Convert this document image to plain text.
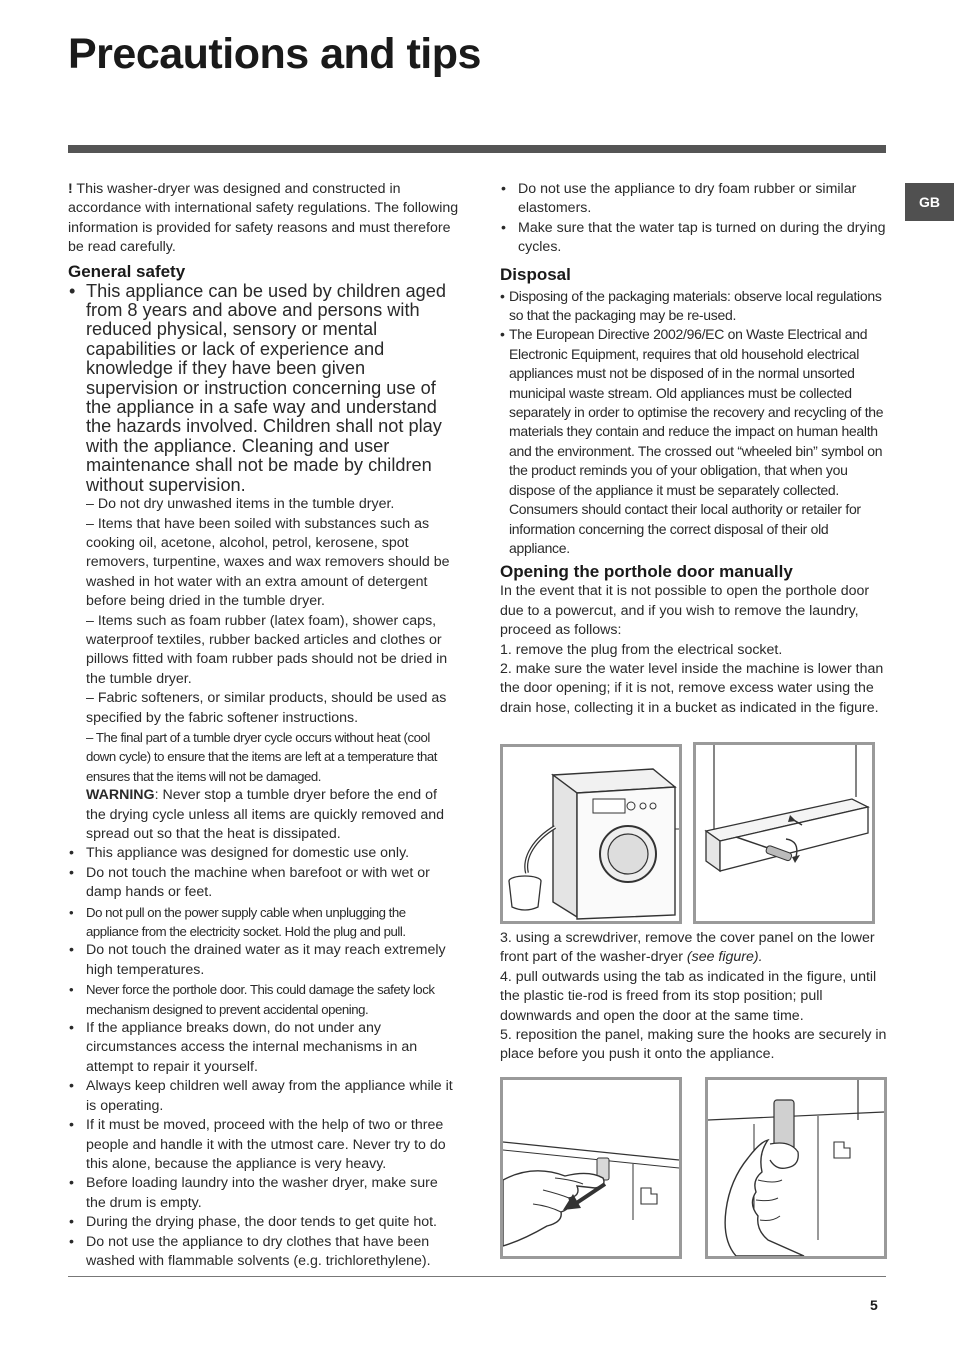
Precautions and tips
GB

! This washer-dryer was designed and constructed in accordance with international safety regulations. The following information is provided for safety reasons and must therefore be read carefully.

General safety
• This appliance can be used by children aged from 8 years and above and persons with reduced physical, sensory or mental capabilities or lack of experience and knowledge if they have been given supervision or instruction concerning use of the appliance in a safe way and understand the hazards involved. Children shall not play with the appliance. Cleaning and user maintenance shall not be made by children without supervision.

– Do not dry unwashed items in the tumble dryer.

– Items that have been soiled with substances such as cooking oil, acetone, alcohol, petrol, kerosene, spot removers, turpentine, waxes and wax removers should be washed in hot water with an extra amount of detergent before being dried in the tumble dryer.

– Items such as foam rubber (latex foam), shower caps, waterproof textiles, rubber backed articles and clothes or pillows fitted with foam rubber pads should not be dried in the tumble dryer.

– Fabric softeners, or similar products, should be used as specified by the fabric softener instructions.

– The final part of a tumble dryer cycle occurs without heat (cool down cycle) to ensure that the items are left at a temperature that ensures that the items will not be damaged.

WARNING: Never stop a tumble dryer before the end of the drying cycle unless all items are quickly removed and spread out so that the heat is dissipated.

• This appliance was designed for domestic use only.
• Do not touch the machine when barefoot or with wet or damp hands or feet.
• Do not pull on the power supply cable when unplugging the appliance from the electricity socket. Hold the plug and pull.
• Do not touch the drained water as it may reach extremely high temperatures.
• Never force the porthole door. This could damage the safety lock mechanism designed to prevent accidental opening.
• If the appliance breaks down, do not under any circumstances access the internal mechanisms in an attempt to repair it yourself.
• Always keep children well away from the appliance while it is operating.
• If it must be moved, proceed with the help of two or three people and handle it with the utmost care. Never try to do this alone, because the appliance is very heavy.
• Before loading laundry into the washer dryer, make sure the drum is empty.
• During the drying phase, the door tends to get quite hot.
• Do not use the appliance to dry clothes that have been washed with flammable solvents (e.g. trichlorethylene).
• Do not use the appliance to dry foam rubber or similar elastomers.
• Make sure that the water tap is turned on during the drying cycles.
Disposal
• Disposing of the packaging materials: observe local regulations so that the packaging may be re-used.
• The European Directive 2002/96/EC on Waste Electrical and Electronic Equipment, requires that old household electrical appliances must not be disposed of in the normal unsorted municipal waste stream. Old appliances must be collected separately in order to optimise the recovery and recycling of the materials they contain and reduce the impact on human health and the environment. The crossed out “wheeled bin” symbol on the product reminds you of your obligation, that when you dispose of the appliance it must be separately collected. Consumers should contact their local authority or retailer for information concerning the correct disposal of their old appliance.
Opening the porthole door manually

In the event that it is not possible to open the porthole door due to a powercut, and if you wish to remove the laundry, proceed as follows:

1. remove the plug from the electrical socket.

2. make sure the water level inside the machine is lower than the door opening; if it is not, remove excess water using the drain hose, collecting it in a bucket as indicated in the figure.

3. using a screwdriver, remove the cover panel on the lower front part of the washer-dryer (see figure).

4. pull outwards using the tab as indicated in the figure, until the plastic tie-rod is freed from its stop position; pull downwards and open the door at the same time.

5. reposition the panel, making sure the hooks are securely in place before you push it onto the appliance.

5
